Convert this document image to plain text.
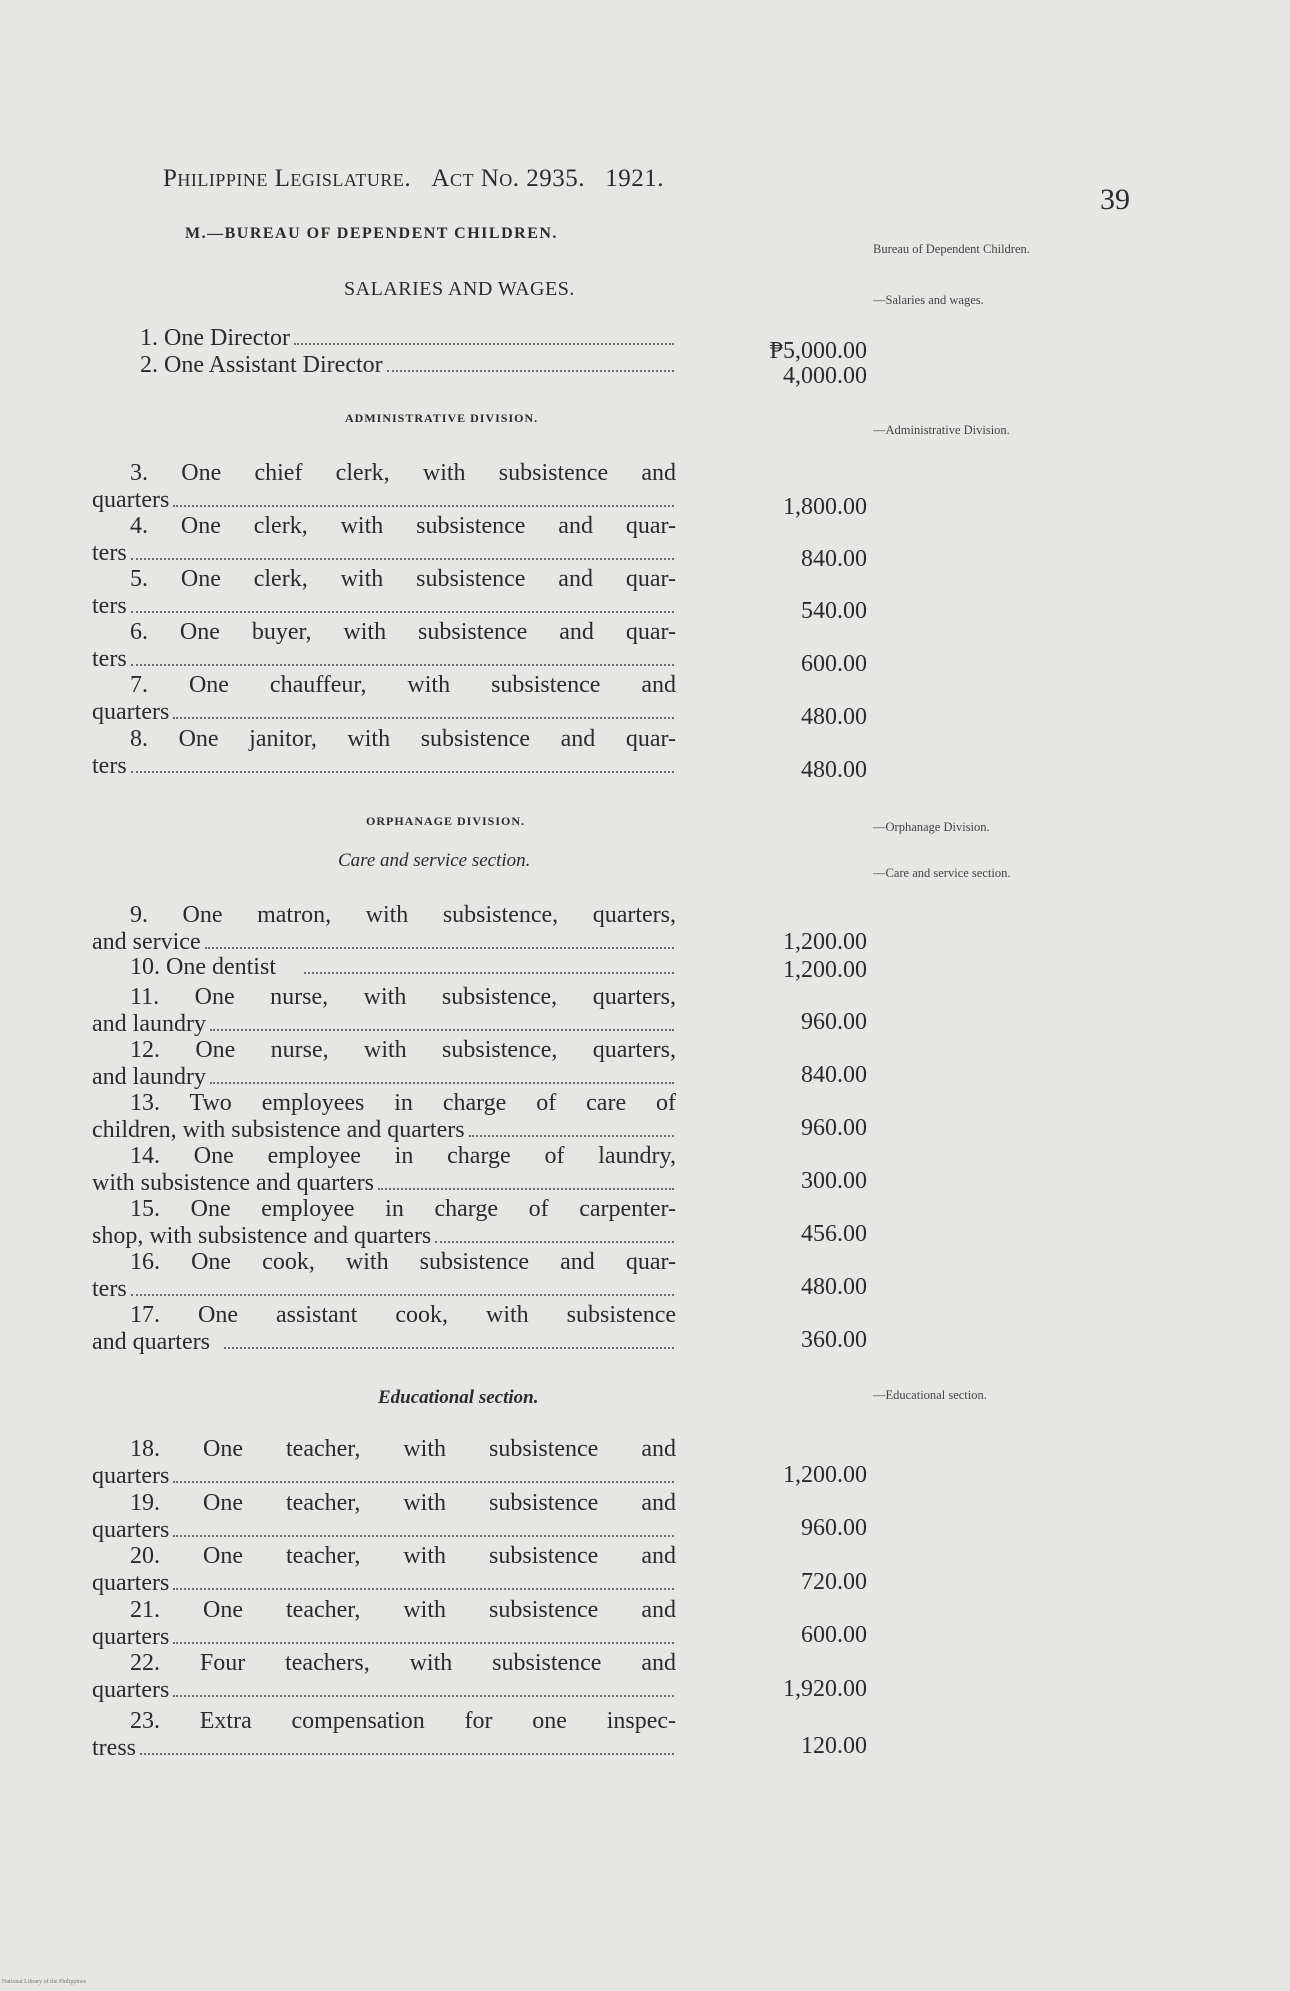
Philippine Legislature. Act No. 2935. 1921.
39
M.—BUREAU OF DEPENDENT CHILDREN.
SALARIES AND WAGES.
ADMINISTRATIVE DIVISION.
ORPHANAGE DIVISION.
Care and service section.
Educational section.
Bureau of Dependent Children.
—Salaries and wages.
—Administrative Division.
—Orphanage Division.
—Care and service section.
—Educational section.
1. One Director	₱5,000.00
2. One Assistant Director	4,000.00
3. One chief clerk, with subsistence and
quarters	1,800.00
4. One clerk, with subsistence and quar-
ters	840.00
5. One clerk, with subsistence and quar-
ters	540.00
6. One buyer, with subsistence and quar-
ters	600.00
7. One chauffeur, with subsistence and
quarters	480.00
8. One janitor, with subsistence and quar-
ters	480.00
9. One matron, with subsistence, quarters,
and service	1,200.00
10. One dentist	1,200.00
11. One nurse, with subsistence, quarters,
and laundry	960.00
12. One nurse, with subsistence, quarters,
and laundry	840.00
13. Two employees in charge of care of
children, with subsistence and quarters	960.00
14. One employee in charge of laundry,
with subsistence and quarters	300.00
15. One employee in charge of carpenter-
shop, with subsistence and quarters	456.00
16. One cook, with subsistence and quar-
ters	480.00
17. One assistant cook, with subsistence
and quarters	360.00
18. One teacher, with subsistence and
quarters	1,200.00
19. One teacher, with subsistence and
quarters	960.00
20. One teacher, with subsistence and
quarters	720.00
21. One teacher, with subsistence and
quarters	600.00
22. Four teachers, with subsistence and
quarters	1,920.00
23. Extra compensation for one inspec-
tress	120.00
National Library of the Philippines
